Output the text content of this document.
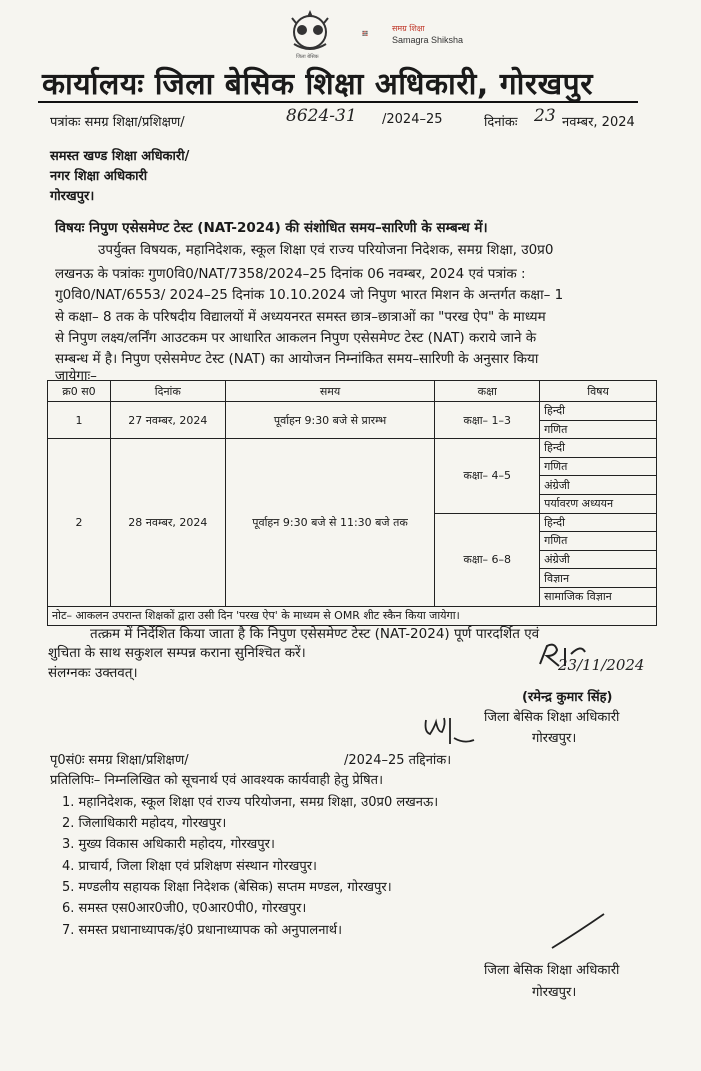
जिला बेसिक
समग्र शिक्षा
Samagra Shiksha
कार्यालयः जिला बेसिक शिक्षा अधिकारी, गोरखपुर
पत्रांकः समग्र शिक्षा/प्रशिक्षण/	8624-31 /2024–25	दिनांकः 23 नवम्बर, 2024
समस्त खण्ड शिक्षा अधिकारी/
नगर शिक्षा अधिकारी
गोरखपुर।
विषयः निपुण एसेसमेण्ट टेस्ट (NAT-2024) की संशोधित समय–सारिणी के सम्बन्ध में।
उपर्युक्त विषयक, महानिदेशक, स्कूल शिक्षा एवं राज्य परियोजना निदेशक, समग्र शिक्षा, उ0प्र0
लखनऊ के पत्रांकः गुण0वि0/NAT/7358/2024–25 दिनांक 06 नवम्बर, 2024 एवं पत्रांक :
गु0वि0/NAT/6553/ 2024–25 दिनांक 10.10.2024 जो निपुण भारत मिशन के अन्तर्गत कक्षा– 1
से कक्षा– 8 तक के परिषदीय विद्यालयों में अध्ययनरत समस्त छात्र–छात्राओं का "परख ऐप" के माध्यम
से निपुण लक्ष्य/लर्निंग आउटकम पर आधारित आकलन निपुण एसेसमेण्ट टेस्ट (NAT) कराये जाने के
सम्बन्ध में है। निपुण एसेसमेण्ट टेस्ट (NAT) का आयोजन निम्नांकित समय–सारिणी के अनुसार किया
जायेगाः–
क्र0 स0	दिनांक	समय	कक्षा	विषय
1	27 नवम्बर, 2024	पूर्वाहन 9:30 बजे से प्रारम्भ	कक्षा– 1–3	हिन्दी
				गणित
2	28 नवम्बर, 2024	पूर्वाहन 9:30 बजे से 11:30 बजे तक	कक्षा– 4–5	हिन्दी
				गणित
				अंग्रेजी
				पर्यावरण अध्ययन
			कक्षा– 6–8	हिन्दी
				गणित
				अंग्रेजी
				विज्ञान
				सामाजिक विज्ञान
नोट– आकलन उपरान्त शिक्षकों द्वारा उसी दिन 'परख ऐप' के माध्यम से OMR शीट स्कैन किया जायेगा।				
तत्क्रम में निर्देशित किया जाता है कि निपुण एसेसमेण्ट टेस्ट (NAT-2024) पूर्ण पारदर्शित एवं
शुचिता के साथ सकुशल सम्पन्न कराना सुनिश्चित करें।
संलग्नकः उक्तवत्।	23/11/2024
(रमेन्द्र कुमार सिंह)
जिला बेसिक शिक्षा अधिकारी
गोरखपुर।
पृ0सं0ः समग्र शिक्षा/प्रशिक्षण/	/2024–25 तद्दिनांक।
प्रतिलिपिः– निम्नलिखित को सूचनार्थ एवं आवश्यक कार्यवाही हेतु प्रेषित।
1. महानिदेशक, स्कूल शिक्षा एवं राज्य परियोजना, समग्र शिक्षा, उ0प्र0 लखनऊ।
2. जिलाधिकारी महोदय, गोरखपुर।
3. मुख्य विकास अधिकारी महोदय, गोरखपुर।
4. प्राचार्य, जिला शिक्षा एवं प्रशिक्षण संस्थान गोरखपुर।
5. मण्डलीय सहायक शिक्षा निदेशक (बेसिक) सप्तम मण्डल, गोरखपुर।
6. समस्त एस0आर0जी0, ए0आर0पी0, गोरखपुर।
7. समस्त प्रधानाध्यापक/इं0 प्रधानाध्यापक को अनुपालनार्थ।
जिला बेसिक शिक्षा अधिकारी
गोरखपुर।
